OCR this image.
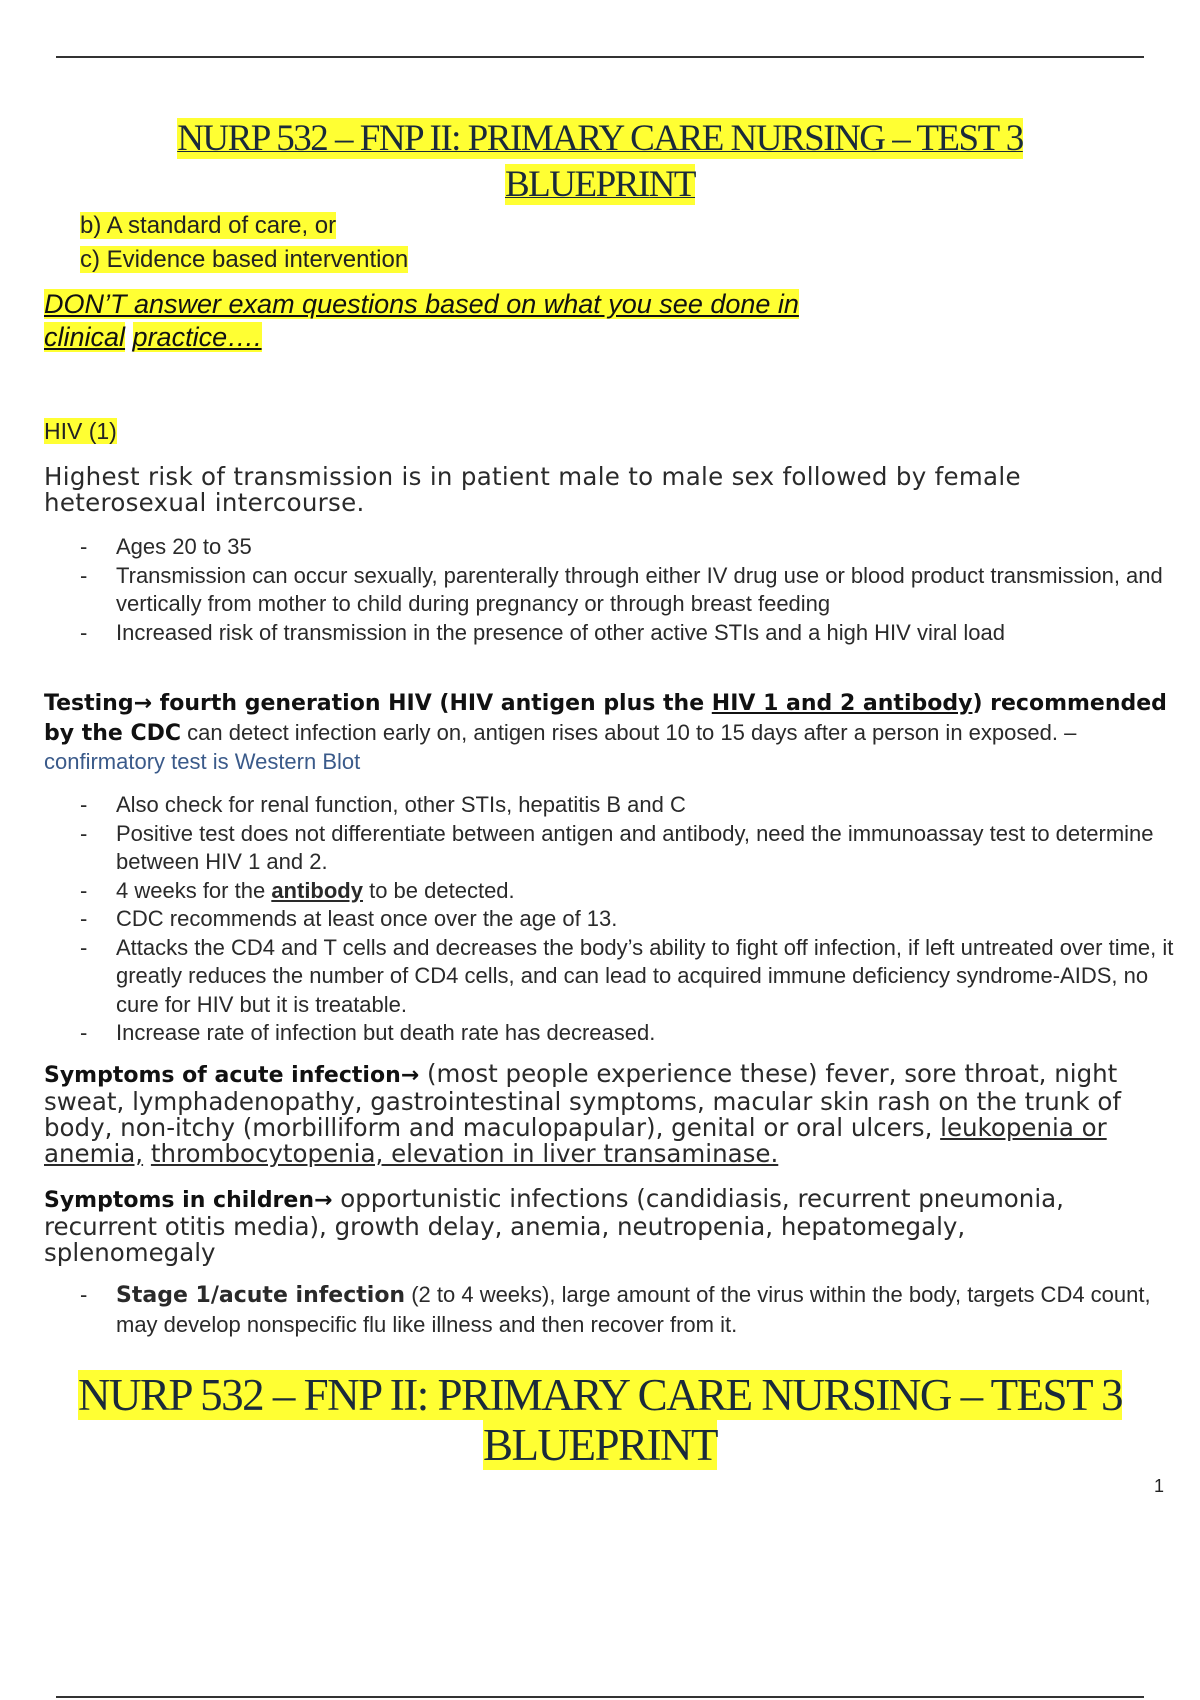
NURP 532 – FNP II: PRIMARY CARE NURSING – TEST 3
BLUEPRINT
b) A standard of care, or
c) Evidence based intervention
DON’T answer exam questions based on what you see done in
clinical practice….
HIV (1)
Highest risk of transmission is in patient male to male sex followed by female heterosexual intercourse.
- Ages 20 to 35
- Transmission can occur sexually, parenterally through either IV drug use or blood product transmission, and vertically from mother to child during pregnancy or through breast feeding
- Increased risk of transmission in the presence of other active STIs and a high HIV viral load
Testing→ fourth generation HIV (HIV antigen plus the HIV 1 and 2 antibody) recommended by the CDC can detect infection early on, antigen rises about 10 to 15 days after a person in exposed. – confirmatory test is Western Blot
- Also check for renal function, other STIs, hepatitis B and C
- Positive test does not differentiate between antigen and antibody, need the immunoassay test to determine between HIV 1 and 2.
- 4 weeks for the antibody to be detected.
- CDC recommends at least once over the age of 13.
- Attacks the CD4 and T cells and decreases the body’s ability to fight off infection, if left untreated over time, it greatly reduces the number of CD4 cells, and can lead to acquired immune deficiency syndrome-AIDS, no cure for HIV but it is treatable.
- Increase rate of infection but death rate has decreased.
Symptoms of acute infection→ (most people experience these) fever, sore throat, night sweat, lymphadenopathy, gastrointestinal symptoms, macular skin rash on the trunk of body, non-itchy (morbilliform and maculopapular), genital or oral ulcers, leukopenia or anemia, thrombocytopenia, elevation in liver transaminase.
Symptoms in children→ opportunistic infections (candidiasis, recurrent pneumonia, recurrent otitis media), growth delay, anemia, neutropenia, hepatomegaly, splenomegaly
- Stage 1/acute infection (2 to 4 weeks), large amount of the virus within the body, targets CD4 count, may develop nonspecific flu like illness and then recover from it.
NURP 532 – FNP II: PRIMARY CARE NURSING – TEST 3
BLUEPRINT
1
